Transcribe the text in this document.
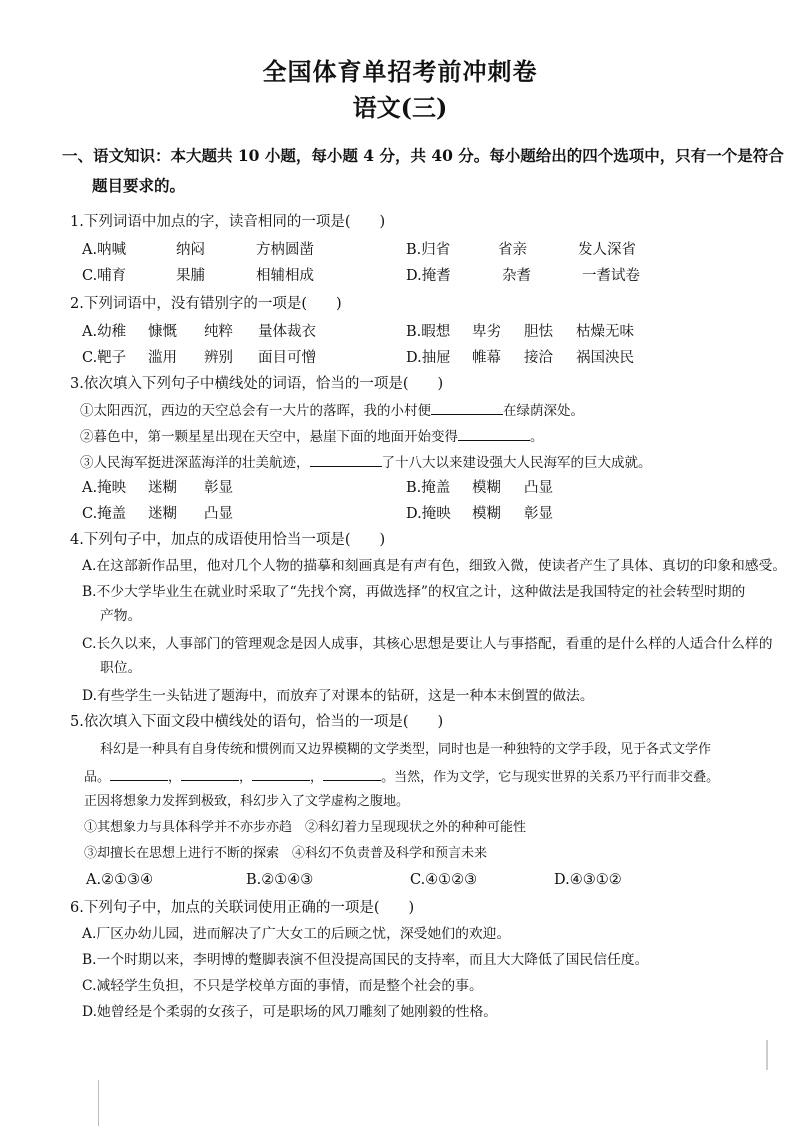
全国体育单招考前冲刺卷
语文(三)
一、语文知识：本大题共 10 小题，每小题 4 分，共 40 分。每小题给出的四个选项中，只有一个是符合
题目要求的。
1.下列词语中加点的字，读音相同的一项是(　　)
A.呐喊	纳闷	方枘圆凿	B.归省	省亲	发人深省
C.哺育	果脯	相辅相成	D.掩耆	杂耆	一耆试卷
2.下列词语中，没有错别字的一项是(　　)
A.幼稚 慷慨 纯粹 量体裁衣	B.暇想 卑劣 胆怯 枯燥无味
C.靶子 滥用 辨别 面目可憎	D.抽屉 帷幕 接洽 祸国泱民
3.依次填入下列句子中横线处的词语，恰当的一项是(　　)
①太阳西沉，西边的天空总会有一大片的落晖，我的小村便	在绿荫深处。
②暮色中，第一颗星星出现在天空中，悬崖下面的地面开始变得	。
③人民海军挺进深蓝海洋的壮美航迹，	了十八大以来建设强大人民海军的巨大成就。
A.掩映 迷糊 彰显	B.掩盖 模糊 凸显
C.掩盖 迷糊 凸显	D.掩映 模糊 彰显
4.下列句子中，加点的成语使用恰当一项是(　　)
A.在这部新作品里，他对几个人物的描摹和刻画真是有声有色，细致入微，使读者产生了具体、真切的印象和感受。
B.不少大学毕业生在就业时采取了“先找个窝，再做选择”的权宜之计，这种做法是我国特定的社会转型时期的
产物。
C.长久以来，人事部门的管理观念是因人成事，其核心思想是要让人与事搭配，看重的是什么样的人适合什么样的
职位。
D.有些学生一头钻进了题海中，而放弃了对课本的钻研，这是一种本末倒置的做法。
5.依次填入下面文段中横线处的语句，恰当的一项是(　　)
科幻是一种具有自身传统和惯例而又边界模糊的文学类型，同时也是一种独特的文学手段，见于各式文学作
品。	，	，	，	。当然，作为文学，它与现实世界的关系乃平行而非交叠。
正因将想象力发挥到极致，科幻步入了文学虚构之腹地。
①其想象力与具体科学并不亦步亦趋　②科幻着力呈现现状之外的种种可能性
③却擅长在思想上进行不断的探索　④科幻不负责普及科学和预言未来
A.②①③④	B.②①④③	C.④①②③	D.④③①②
6.下列句子中，加点的关联词使用正确的一项是(　　)
A.厂区办幼儿园，进而解决了广大女工的后顾之忧，深受她们的欢迎。
B.一个时期以来，李明博的蹩脚表演不但没提高国民的支持率，而且大大降低了国民信任度。
C.减轻学生负担，不只是学校单方面的事情，而是整个社会的事。
D.她曾经是个柔弱的女孩子，可是职场的风刀雕刻了她刚毅的性格。
